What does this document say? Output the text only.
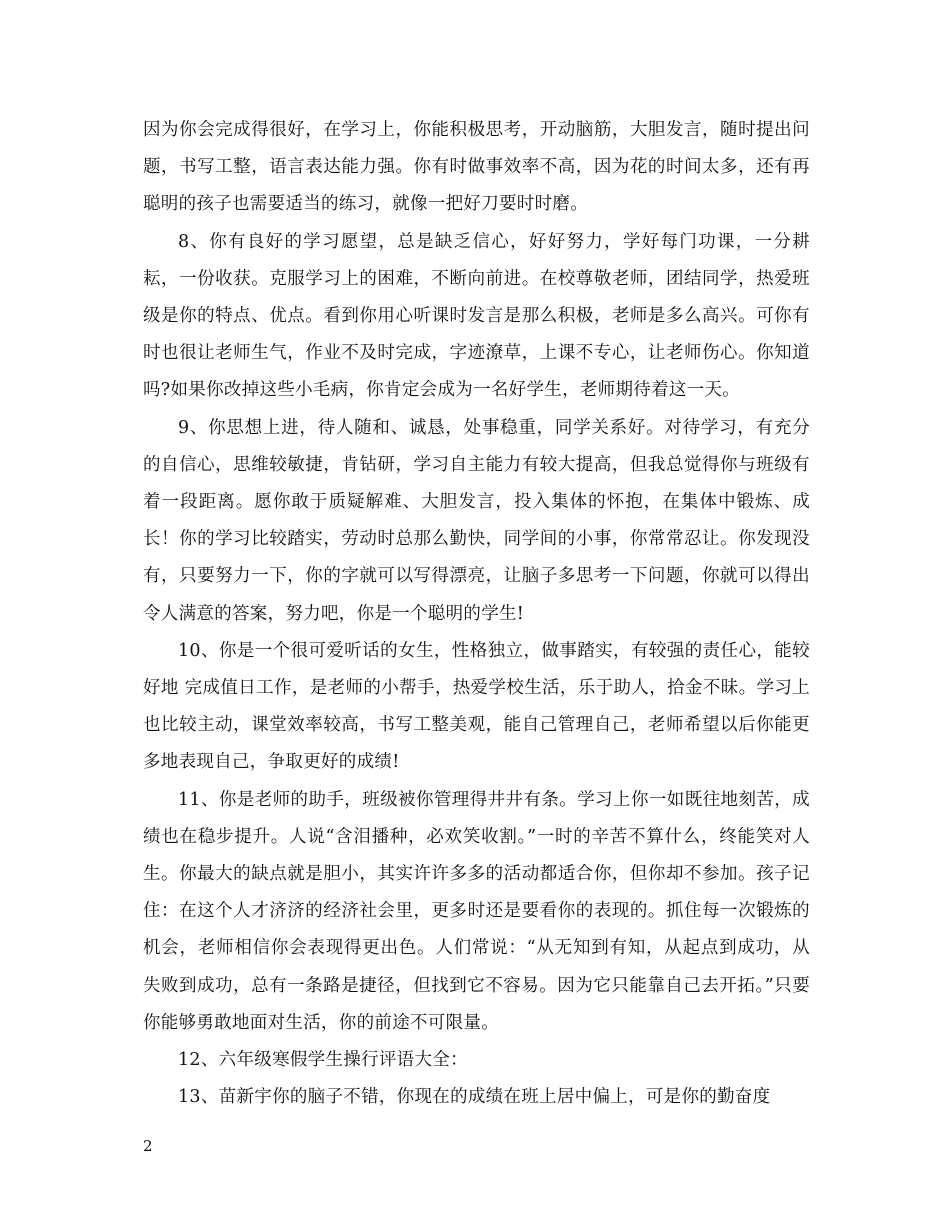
因为你会完成得很好，在学习上，你能积极思考，开动脑筋，大胆发言，随时提出问题，书写工整，语言表达能力强。你有时做事效率不高，因为花的时间太多，还有再聪明的孩子也需要适当的练习，就像一把好刀要时时磨。

8、你有良好的学习愿望，总是缺乏信心，好好努力，学好每门功课，一分耕耘，一份收获。克服学习上的困难，不断向前进。在校尊敬老师，团结同学，热爱班级是你的特点、优点。看到你用心听课时发言是那么积极，老师是多么高兴。可你有时也很让老师生气，作业不及时完成，字迹潦草，上课不专心，让老师伤心。你知道吗?如果你改掉这些小毛病，你肯定会成为一名好学生，老师期待着这一天。

9、你思想上进，待人随和、诚恳，处事稳重，同学关系好。对待学习，有充分的自信心，思维较敏捷，肯钻研，学习自主能力有较大提高，但我总觉得你与班级有着一段距离。愿你敢于质疑解难、大胆发言，投入集体的怀抱，在集体中锻炼、成长！你的学习比较踏实，劳动时总那么勤快，同学间的小事，你常常忍让。你发现没有，只要努力一下，你的字就可以写得漂亮，让脑子多思考一下问题，你就可以得出令人满意的答案，努力吧，你是一个聪明的学生!

10、你是一个很可爱听话的女生，性格独立，做事踏实，有较强的责任心，能较好地 完成值日工作，是老师的小帮手，热爱学校生活，乐于助人，拾金不昧。学习上也比较主动，课堂效率较高，书写工整美观，能自己管理自己，老师希望以后你能更多地表现自己，争取更好的成绩!

11、你是老师的助手，班级被你管理得井井有条。学习上你一如既往地刻苦，成绩也在稳步提升。人说“含泪播种，必欢笑收割。”一时的辛苦不算什么，终能笑对人生。你最大的缺点就是胆小，其实许许多多的活动都适合你，但你却不参加。孩子记住：在这个人才济济的经济社会里，更多时还是要看你的表现的。抓住每一次锻炼的机会，老师相信你会表现得更出色。人们常说：“从无知到有知，从起点到成功，从失败到成功，总有一条路是捷径，但找到它不容易。因为它只能靠自己去开拓。”只要你能够勇敢地面对生活，你的前途不可限量。

12、六年级寒假学生操行评语大全：

13、苗新宇你的脑子不错，你现在的成绩在班上居中偏上，可是你的勤奋度

2
